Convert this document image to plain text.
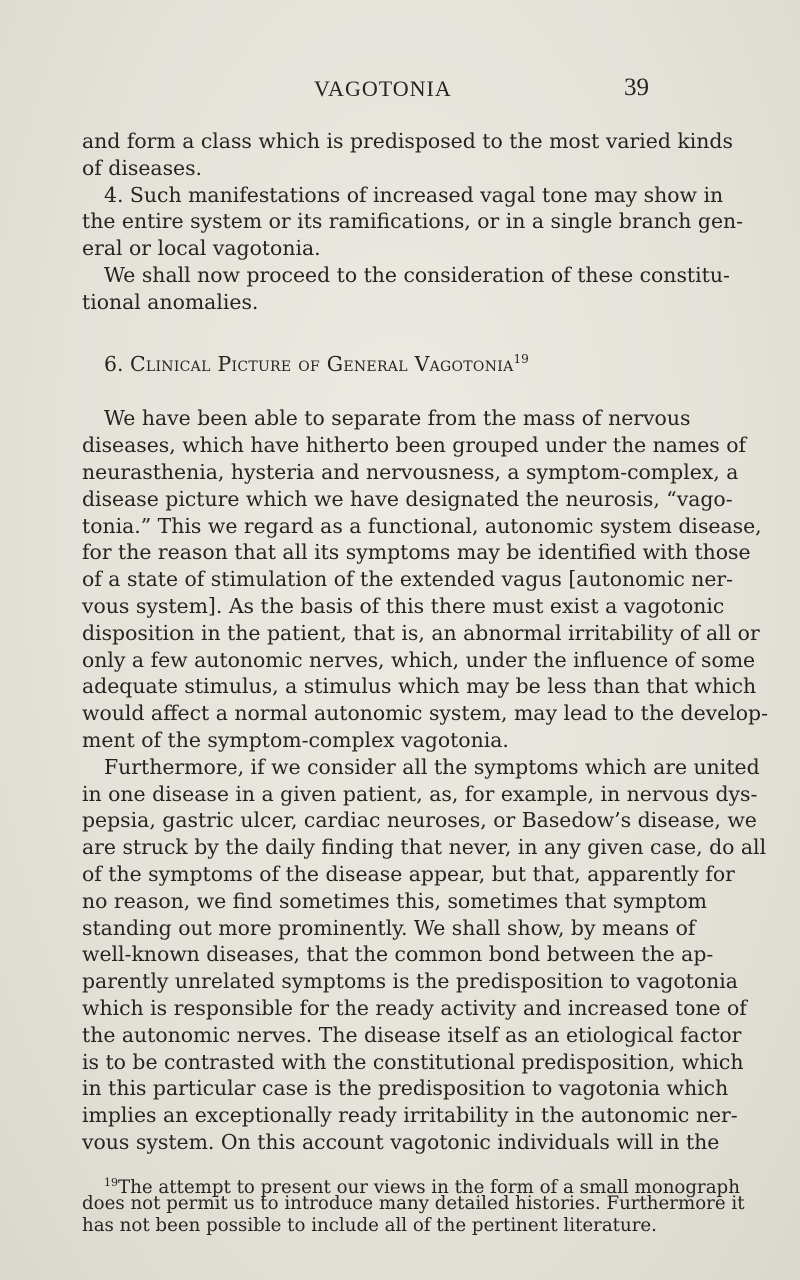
VAGOTONIA	39
and form a class which is predisposed to the most varied kinds
of diseases.
4. Such manifestations of increased vagal tone may show in
the entire system or its ramifications, or in a single branch gen-
eral or local vagotonia.
We shall now proceed to the consideration of these constitu-
tional anomalies.
6. Clinical Picture of General Vagotonia$^{19}$
We have been able to separate from the mass of nervous
diseases, which have hitherto been grouped under the names of
neurasthenia, hysteria and nervousness, a symptom-complex, a
disease picture which we have designated the neurosis, “vago-
tonia.” This we regard as a functional, autonomic system disease,
for the reason that all its symptoms may be identified with those
of a state of stimulation of the extended vagus [autonomic ner-
vous system]. As the basis of this there must exist a vagotonic
disposition in the patient, that is, an abnormal irritability of all or
only a few autonomic nerves, which, under the influence of some
adequate stimulus, a stimulus which may be less than that which
would affect a normal autonomic system, may lead to the develop-
ment of the symptom-complex vagotonia.
Furthermore, if we consider all the symptoms which are united
in one disease in a given patient, as, for example, in nervous dys-
pepsia, gastric ulcer, cardiac neuroses, or Basedow’s disease, we
are struck by the daily finding that never, in any given case, do all
of the symptoms of the disease appear, but that, apparently for
no reason, we find sometimes this, sometimes that symptom
standing out more prominently. We shall show, by means of
well-known diseases, that the common bond between the ap-
parently unrelated symptoms is the predisposition to vagotonia
which is responsible for the ready activity and increased tone of
the autonomic nerves. The disease itself as an etiological factor
is to be contrasted with the constitutional predisposition, which
in this particular case is the predisposition to vagotonia which
implies an exceptionally ready irritability in the autonomic ner-
vous system. On this account vagotonic individuals will in the
$^{19}$The attempt to present our views in the form of a small monograph
does not permit us to introduce many detailed histories. Furthermore it
has not been possible to include all of the pertinent literature.
